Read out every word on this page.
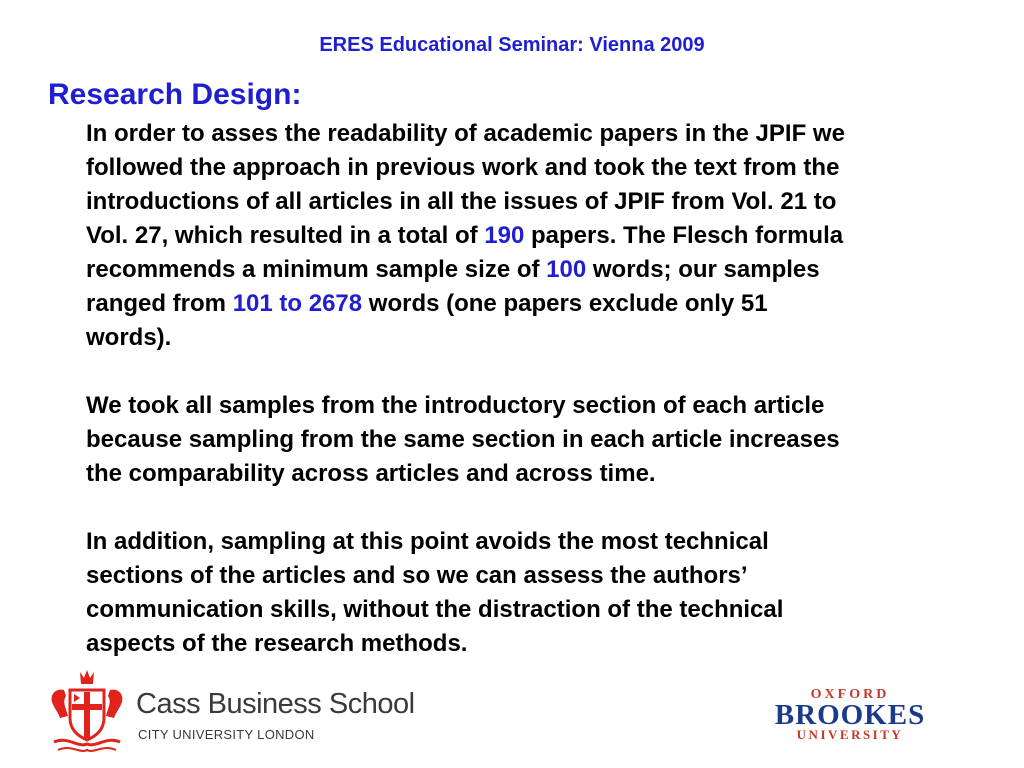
ERES Educational Seminar: Vienna 2009
Research Design:

In order to asses the readability of academic papers in the JPIF we

followed the approach in previous work and took the text from the

introductions of all articles in all the issues of JPIF from Vol. 21 to

Vol. 27, which resulted in a total of 190 papers. The Flesch formula

recommends a minimum sample size of 100 words; our samples

ranged from 101 to 2678 words (one papers exclude only 51

words).

We took all samples from the introductory section of each article

because sampling from the same section in each article increases

the comparability across articles and across time.

In addition, sampling at this point avoids the most technical

sections of the articles and so we can assess the authors’

communication skills, without the distraction of the technical

aspects of the research methods.

Cass Business School
CITY UNIVERSITY LONDON
OXFORD
BROOKES
UNIVERSITY
